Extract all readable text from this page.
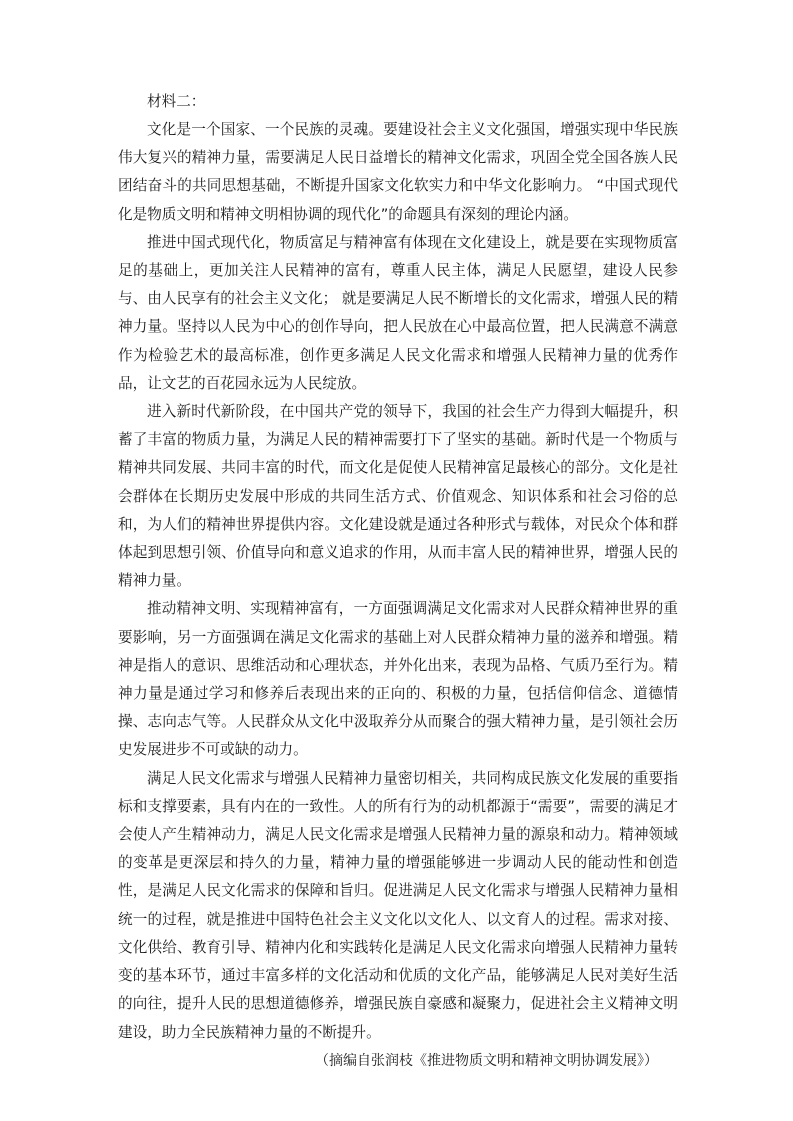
材料二：

文化是一个国家、一个民族的灵魂。要建设社会主义文化强国，增强实现中华民族伟大复兴的精神力量，需要满足人民日益增长的精神文化需求，巩固全党全国各族人民团结奋斗的共同思想基础，不断提升国家文化软实力和中华文化影响力。 “中国式现代化是物质文明和精神文明相协调的现代化”的命题具有深刻的理论内涵。

推进中国式现代化，物质富足与精神富有体现在文化建设上，就是要在实现物质富足的基础上，更加关注人民精神的富有，尊重人民主体，满足人民愿望，建设人民参与、由人民享有的社会主义文化； 就是要满足人民不断增长的文化需求，增强人民的精神力量。坚持以人民为中心的创作导向，把人民放在心中最高位置，把人民满意不满意作为检验艺术的最高标准，创作更多满足人民文化需求和增强人民精神力量的优秀作品，让文艺的百花园永远为人民绽放。

进入新时代新阶段，在中国共产党的领导下，我国的社会生产力得到大幅提升，积蓄了丰富的物质力量，为满足人民的精神需要打下了坚实的基础。新时代是一个物质与精神共同发展、共同丰富的时代，而文化是促使人民精神富足最核心的部分。文化是社会群体在长期历史发展中形成的共同生活方式、价值观念、知识体系和社会习俗的总和，为人们的精神世界提供内容。文化建设就是通过各种形式与载体，对民众个体和群体起到思想引领、价值导向和意义追求的作用，从而丰富人民的精神世界，增强人民的精神力量。

推动精神文明、实现精神富有，一方面强调满足文化需求对人民群众精神世界的重要影响，另一方面强调在满足文化需求的基础上对人民群众精神力量的滋养和增强。精神是指人的意识、思维活动和心理状态，并外化出来，表现为品格、气质乃至行为。精神力量是通过学习和修养后表现出来的正向的、积极的力量，包括信仰信念、道德情操、志向志气等。人民群众从文化中汲取养分从而聚合的强大精神力量，是引领社会历史发展进步不可或缺的动力。

满足人民文化需求与增强人民精神力量密切相关，共同构成民族文化发展的重要指标和支撑要素，具有内在的一致性。人的所有行为的动机都源于“需要”，需要的满足才会使人产生精神动力，满足人民文化需求是增强人民精神力量的源泉和动力。精神领域的变革是更深层和持久的力量，精神力量的增强能够进一步调动人民的能动性和创造性，是满足人民文化需求的保障和旨归。促进满足人民文化需求与增强人民精神力量相统一的过程，就是推进中国特色社会主义文化以文化人、以文育人的过程。需求对接、文化供给、教育引导、精神内化和实践转化是满足人民文化需求向增强人民精神力量转变的基本环节，通过丰富多样的文化活动和优质的文化产品，能够满足人民对美好生活的向往，提升人民的思想道德修养，增强民族自豪感和凝聚力，促进社会主义精神文明建设，助力全民族精神力量的不断提升。

（摘编自张润枝《推进物质文明和精神文明协调发展》）
